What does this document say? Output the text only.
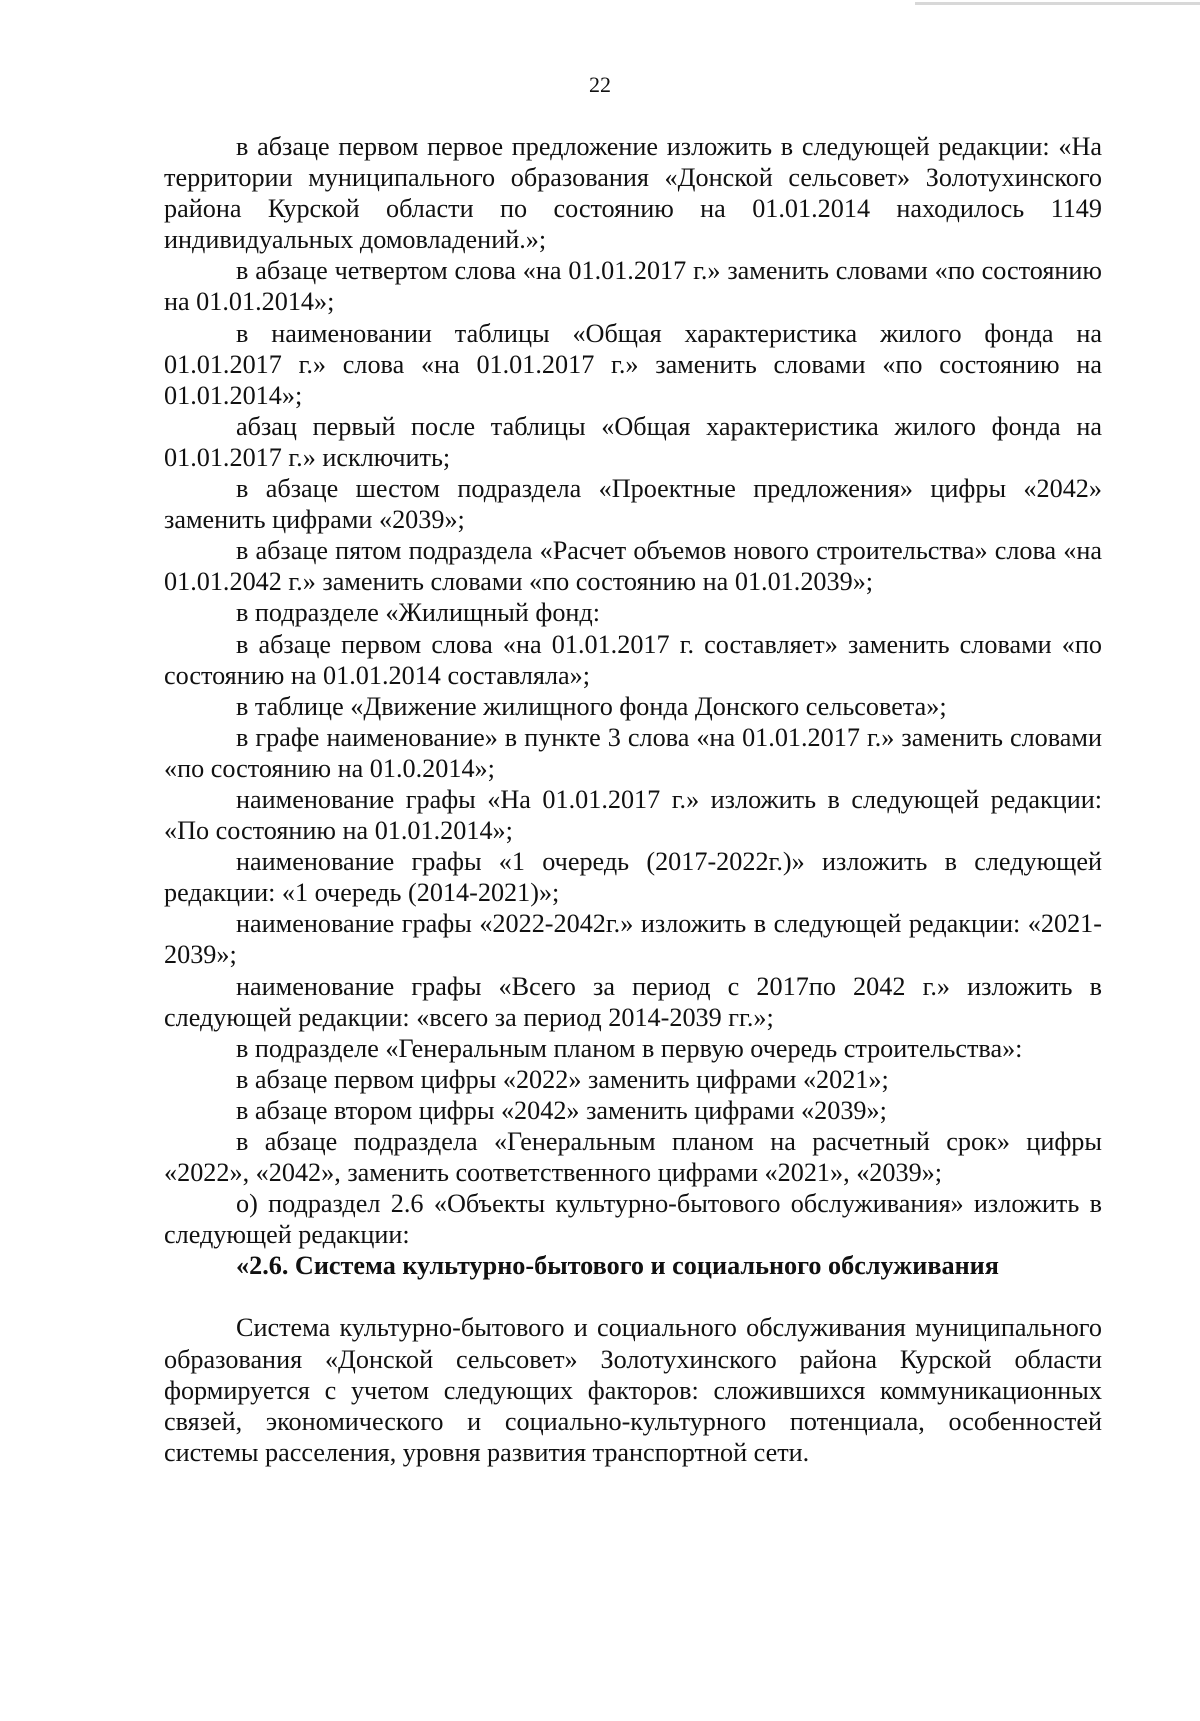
22

в абзаце первом первое предложение изложить в следующей редакции: «На территории муниципального образования «Донской сельсовет» Золотухинского района Курской области по состоянию на 01.01.2014 находилось 1149 индивидуальных домовладений.»;

в абзаце четвертом слова «на 01.01.2017 г.» заменить словами «по состоянию на 01.01.2014»;

в наименовании таблицы «Общая характеристика жилого фонда на 01.01.2017 г.» слова «на 01.01.2017 г.» заменить словами «по состоянию на 01.01.2014»;

абзац первый после таблицы «Общая характеристика жилого фонда на 01.01.2017 г.» исключить;

в абзаце шестом подраздела «Проектные предложения» цифры «2042» заменить цифрами «2039»;

в абзаце пятом подраздела «Расчет объемов нового строительства» слова «на 01.01.2042 г.» заменить словами «по состоянию на 01.01.2039»;

в подразделе «Жилищный фонд:

в абзаце первом слова «на 01.01.2017 г. составляет» заменить словами «по состоянию на 01.01.2014 составляла»;

в таблице «Движение жилищного фонда Донского сельсовета»;

в графе наименование» в пункте 3 слова «на 01.01.2017 г.» заменить словами «по состоянию на 01.0.2014»;

наименование графы «На 01.01.2017 г.» изложить в следующей редакции: «По состоянию на 01.01.2014»;

наименование графы «1 очередь (2017-2022г.)» изложить в следующей редакции: «1 очередь (2014-2021)»;

наименование графы «2022-2042г.» изложить в следующей редакции: «2021-2039»;

наименование графы «Всего за период с 2017по 2042 г.» изложить в следующей редакции: «всего за период 2014-2039 гг.»;

в подразделе «Генеральным планом в первую очередь строительства»:

в абзаце первом цифры «2022» заменить цифрами «2021»;

в абзаце втором цифры «2042» заменить цифрами «2039»;

в абзаце подраздела «Генеральным планом на расчетный срок» цифры «2022», «2042», заменить соответственного цифрами «2021», «2039»;

о) подраздел 2.6 «Объекты культурно-бытового обслуживания» изложить в следующей редакции:

«2.6. Система культурно-бытового и социального обслуживания

Система культурно-бытового и социального обслуживания муниципального образования «Донской сельсовет» Золотухинского района Курской области формируется с учетом следующих факторов: сложившихся коммуникационных связей, экономического и социально-культурного потенциала, особенностей системы расселения, уровня развития транспортной сети.
